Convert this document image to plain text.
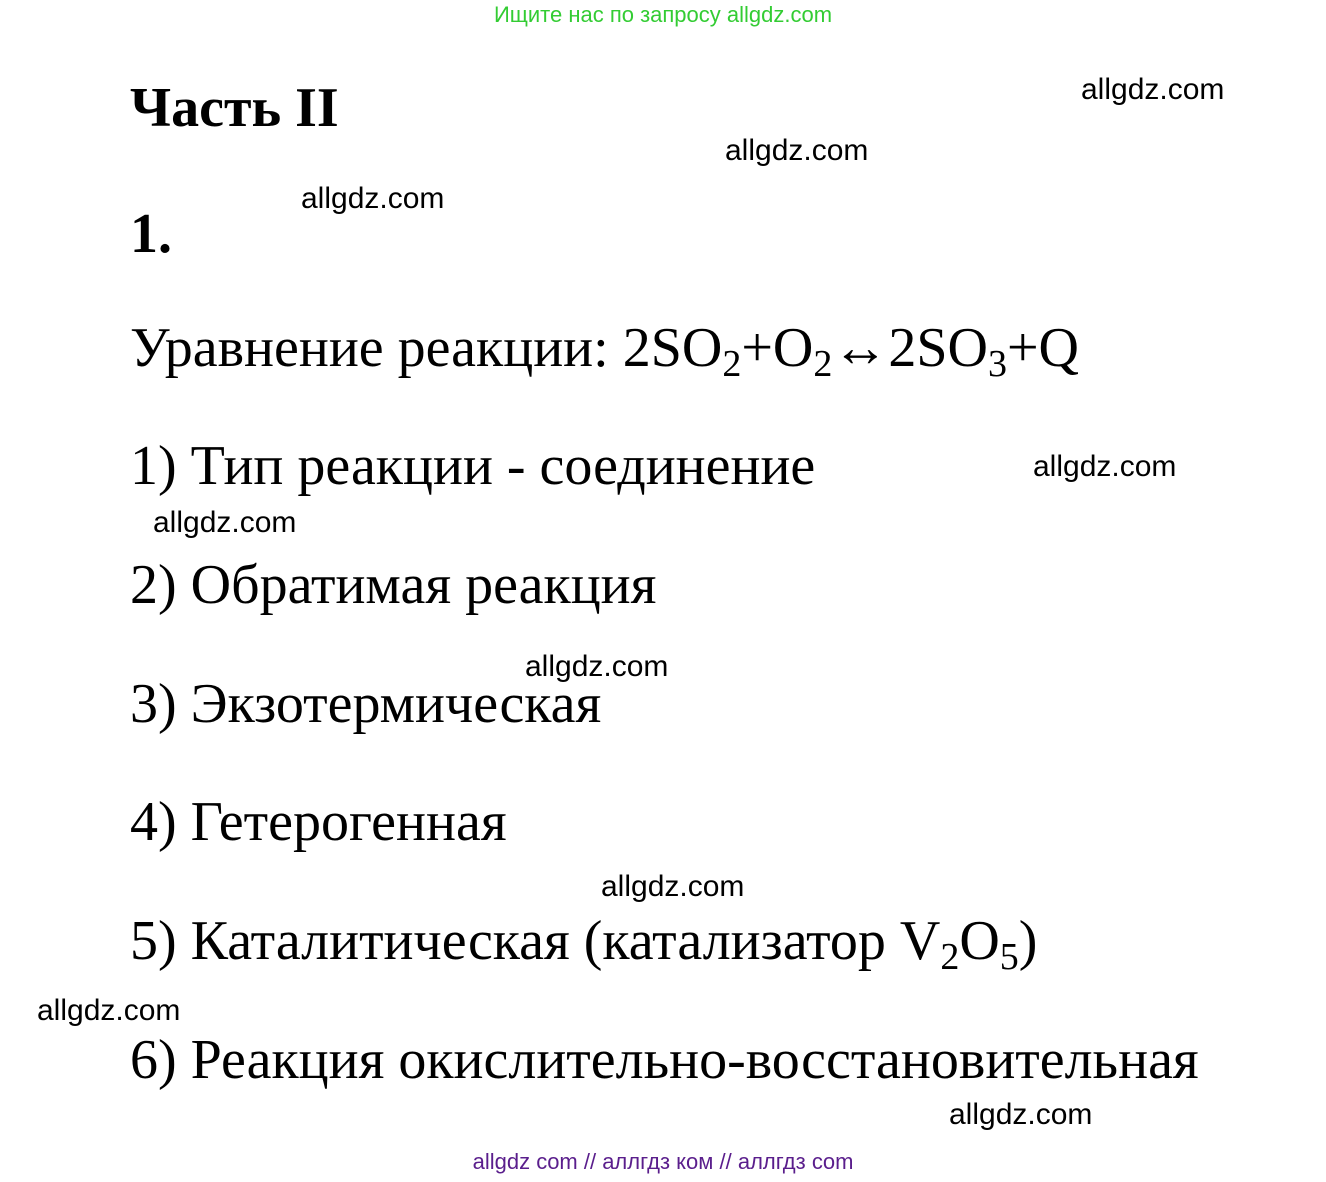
Ищите нас по запросу allgdz.com
Часть II
1.
Уравнение реакции: $2SO_2+O_2\leftrightarrow 2SO_3+Q$
1) Тип реакции - соединение
2) Обратимая реакция
3) Экзотермическая
4) Гетерогенная
5) Каталитическая (катализатор $V_2O_5$)
6) Реакция окислительно-восстановительная
allgdz.com
allgdz.com
allgdz.com
allgdz.com
allgdz.com
allgdz.com
allgdz.com
allgdz.com
allgdz.com
allgdz com // аллгдз ком // аллгдз com
